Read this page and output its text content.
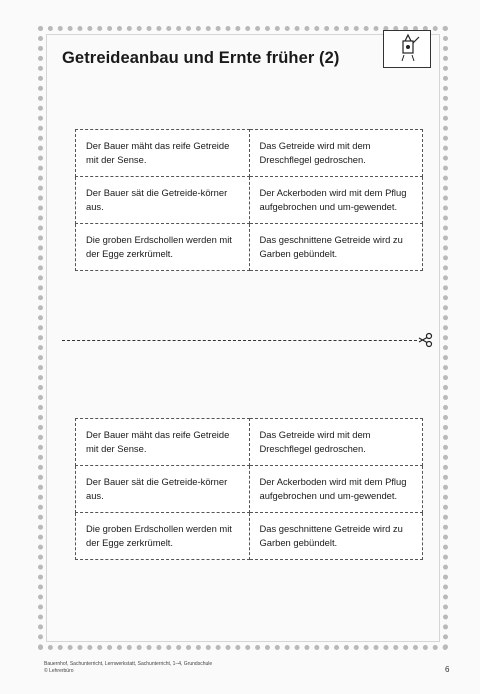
Getreideanbau und Ernte früher (2)
Der Bauer mäht das reife Getreide mit der Sense.	Das Getreide wird mit dem Dreschflegel gedroschen.
Der Bauer sät die Getreide-körner aus.	Der Ackerboden wird mit dem Pflug aufgebrochen und um-gewendet.
Die groben Erdschollen werden mit der Egge zerkrümelt.	Das geschnittene Getreide wird zu Garben gebündelt.
Der Bauer mäht das reife Getreide mit der Sense.	Das Getreide wird mit dem Dreschflegel gedroschen.
Der Bauer sät die Getreide-körner aus.	Der Ackerboden wird mit dem Pflug aufgebrochen und um-gewendet.
Die groben Erdschollen werden mit der Egge zerkrümelt.	Das geschnittene Getreide wird zu Garben gebündelt.
Bauernhof, Sachunterricht, Lernwerkstatt, Sachunterricht, 1–4, Grundschule
© Lehrerbüro	6
